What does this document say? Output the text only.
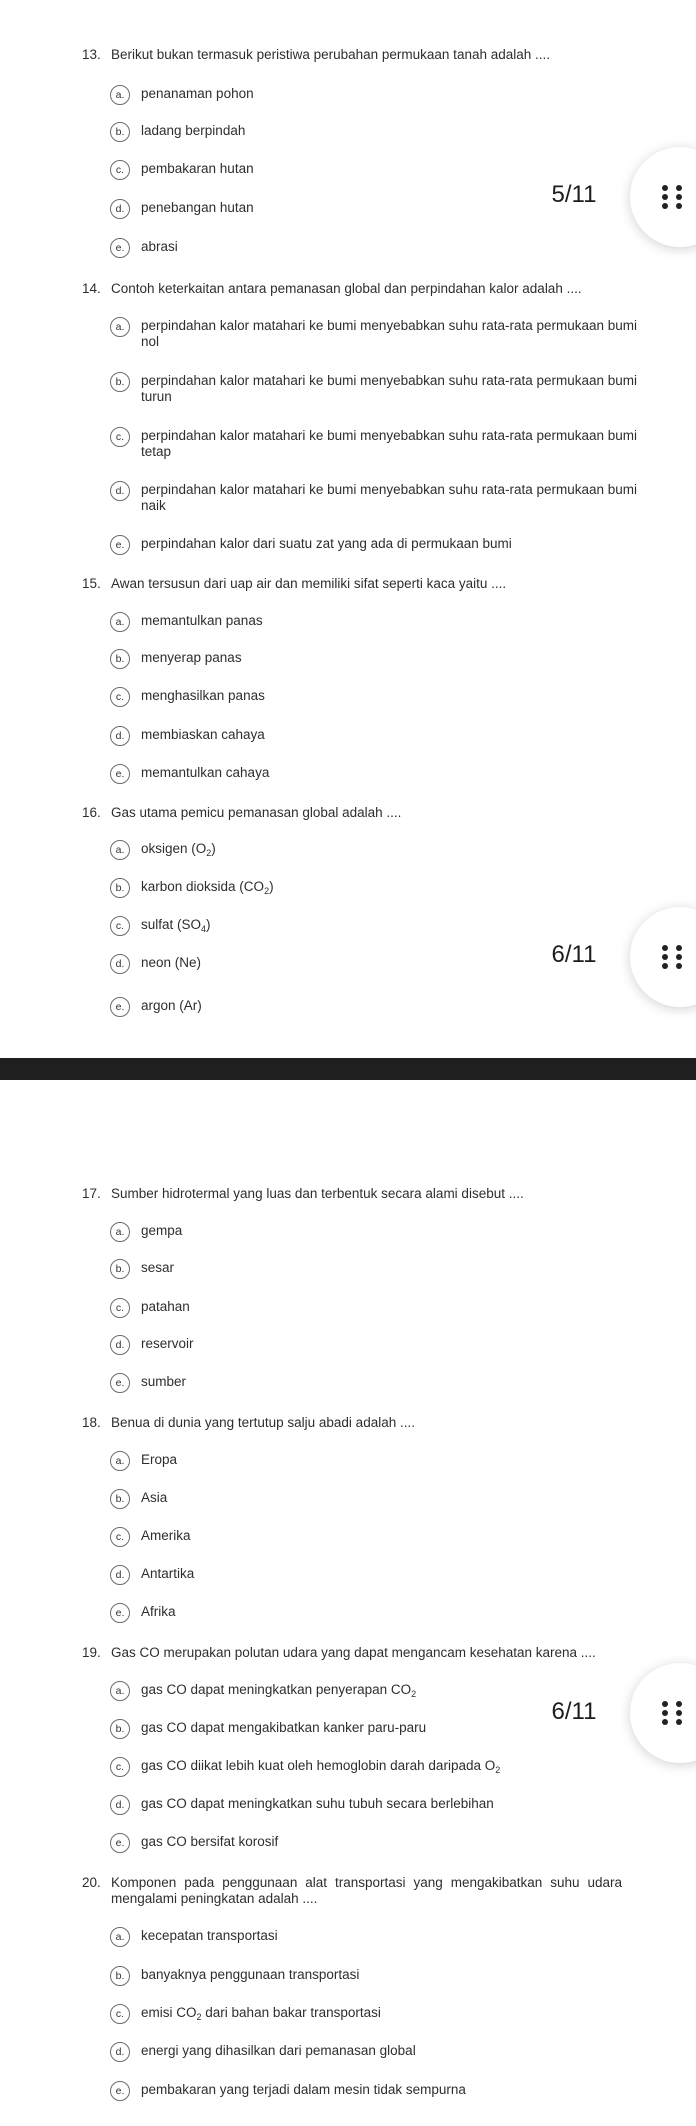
13. Berikut bukan termasuk peristiwa perubahan permukaan tanah adalah ....
a.	penanaman pohon
b.	ladang berpindah
c.	pembakaran hutan
d.	penebangan hutan
e.	abrasi
5/11
14. Contoh keterkaitan antara pemanasan global dan perpindahan kalor adalah ....
a.	perpindahan kalor matahari ke bumi menyebabkan suhu rata-rata permukaan bumi nol
b.	perpindahan kalor matahari ke bumi menyebabkan suhu rata-rata permukaan bumi turun
c.	perpindahan kalor matahari ke bumi menyebabkan suhu rata-rata permukaan bumi tetap
d.	perpindahan kalor matahari ke bumi menyebabkan suhu rata-rata permukaan bumi naik
e.	perpindahan kalor dari suatu zat yang ada di permukaan bumi
15. Awan tersusun dari uap air dan memiliki sifat seperti kaca yaitu ....
a.	memantulkan panas
b.	menyerap panas
c.	menghasilkan panas
d.	membiaskan cahaya
e.	memantulkan cahaya
16. Gas utama pemicu pemanasan global adalah ....
a.	oksigen $(O_2)$
b.	karbon dioksida $(CO_2)$
c.	sulfat $(SO_4)$
d.	neon (Ne)
e.	argon (Ar)
6/11
17. Sumber hidrotermal yang luas dan terbentuk secara alami disebut ....
a.	gempa
b.	sesar
c.	patahan
d.	reservoir
e.	sumber
18. Benua di dunia yang tertutup salju abadi adalah ....
a.	Eropa
b.	Asia
c.	Amerika
d.	Antartika
e.	Afrika
19. Gas CO merupakan polutan udara yang dapat mengancam kesehatan karena ....
a.	gas CO dapat meningkatkan penyerapan $CO_2$
b.	gas CO dapat mengakibatkan kanker paru-paru
c.	gas CO diikat lebih kuat oleh hemoglobin darah daripada $O_2$
d.	gas CO dapat meningkatkan suhu tubuh secara berlebihan
e.	gas CO bersifat korosif
6/11
20. Komponen pada penggunaan alat transportasi yang mengakibatkan suhu udara mengalami peningkatan adalah ....
a.	kecepatan transportasi
b.	banyaknya penggunaan transportasi
c.	emisi $CO_2$ dari bahan bakar transportasi
d.	energi yang dihasilkan dari pemanasan global
e.	pembakaran yang terjadi dalam mesin tidak sempurna
